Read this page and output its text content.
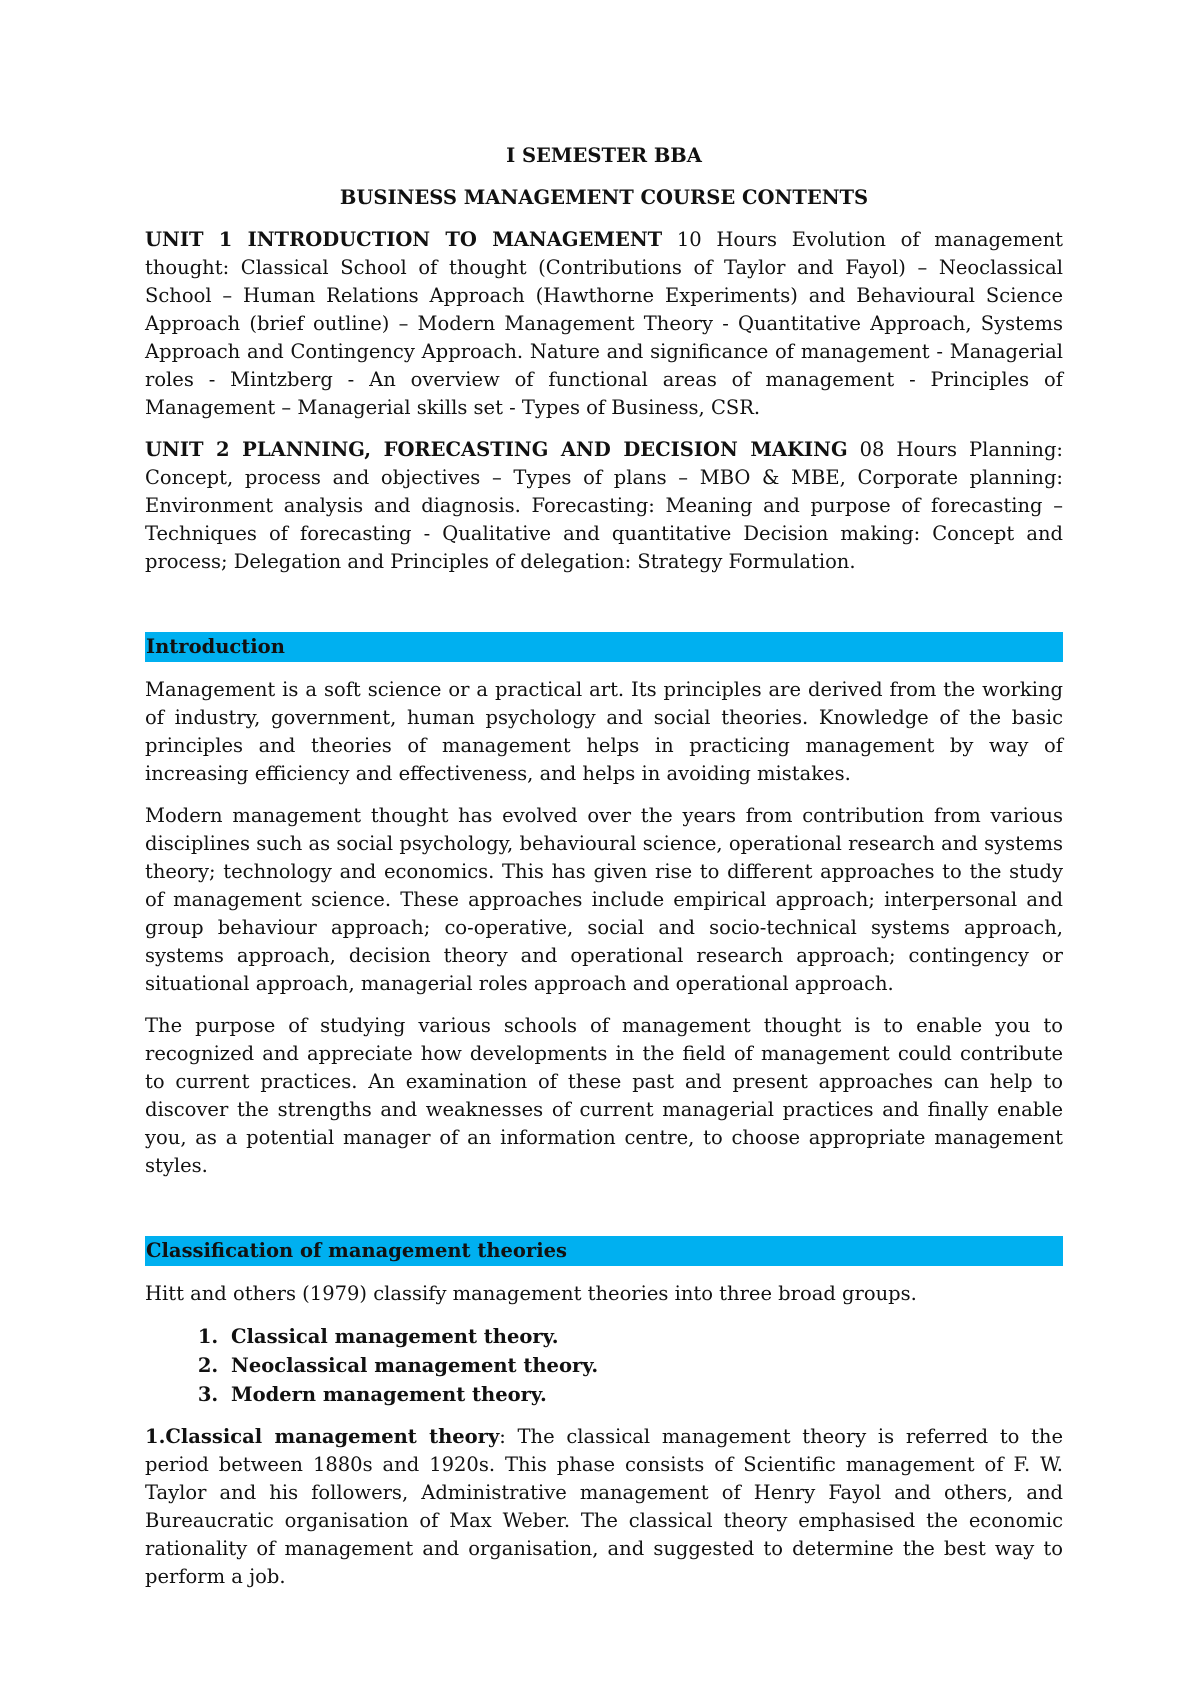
I SEMESTER BBA

BUSINESS MANAGEMENT COURSE CONTENTS

UNIT 1 INTRODUCTION TO MANAGEMENT 10 Hours Evolution of management thought: Classical School of thought (Contributions of Taylor and Fayol) – Neoclassical School – Human Relations Approach (Hawthorne Experiments) and Behavioural Science Approach (brief outline) – Modern Management Theory - Quantitative Approach, Systems Approach and Contingency Approach. Nature and significance of management - Managerial roles - Mintzberg - An overview of functional areas of management - Principles of Management – Managerial skills set - Types of Business, CSR.

UNIT 2 PLANNING, FORECASTING AND DECISION MAKING 08 Hours Planning: Concept, process and objectives – Types of plans – MBO & MBE, Corporate planning: Environment analysis and diagnosis. Forecasting: Meaning and purpose of forecasting – Techniques of forecasting - Qualitative and quantitative Decision making: Concept and process; Delegation and Principles of delegation: Strategy Formulation.

Introduction

Management is a soft science or a practical art. Its principles are derived from the working of industry, government, human psychology and social theories. Knowledge of the basic principles and theories of management helps in practicing management by way of increasing efficiency and effectiveness, and helps in avoiding mistakes.

Modern management thought has evolved over the years from contribution from various disciplines such as social psychology, behavioural science, operational research and systems theory; technology and economics. This has given rise to different approaches to the study of management science. These approaches include empirical approach; interpersonal and group behaviour approach; co-operative, social and socio-technical systems approach, systems approach, decision theory and operational research approach; contingency or situational approach, managerial roles approach and operational approach.

The purpose of studying various schools of management thought is to enable you to recognized and appreciate how developments in the field of management could contribute to current practices. An examination of these past and present approaches can help to discover the strengths and weaknesses of current managerial practices and finally enable you, as a potential manager of an information centre, to choose appropriate management styles.

Classification of management theories

Hitt and others (1979) classify management theories into three broad groups.

1. Classical management theory.
2. Neoclassical management theory.
3. Modern management theory.

1.Classical management theory: The classical management theory is referred to the period between 1880s and 1920s. This phase consists of Scientific management of F. W. Taylor and his followers, Administrative management of Henry Fayol and others, and Bureaucratic organisation of Max Weber. The classical theory emphasised the economic rationality of management and organisation, and suggested to determine the best way to perform a job.
